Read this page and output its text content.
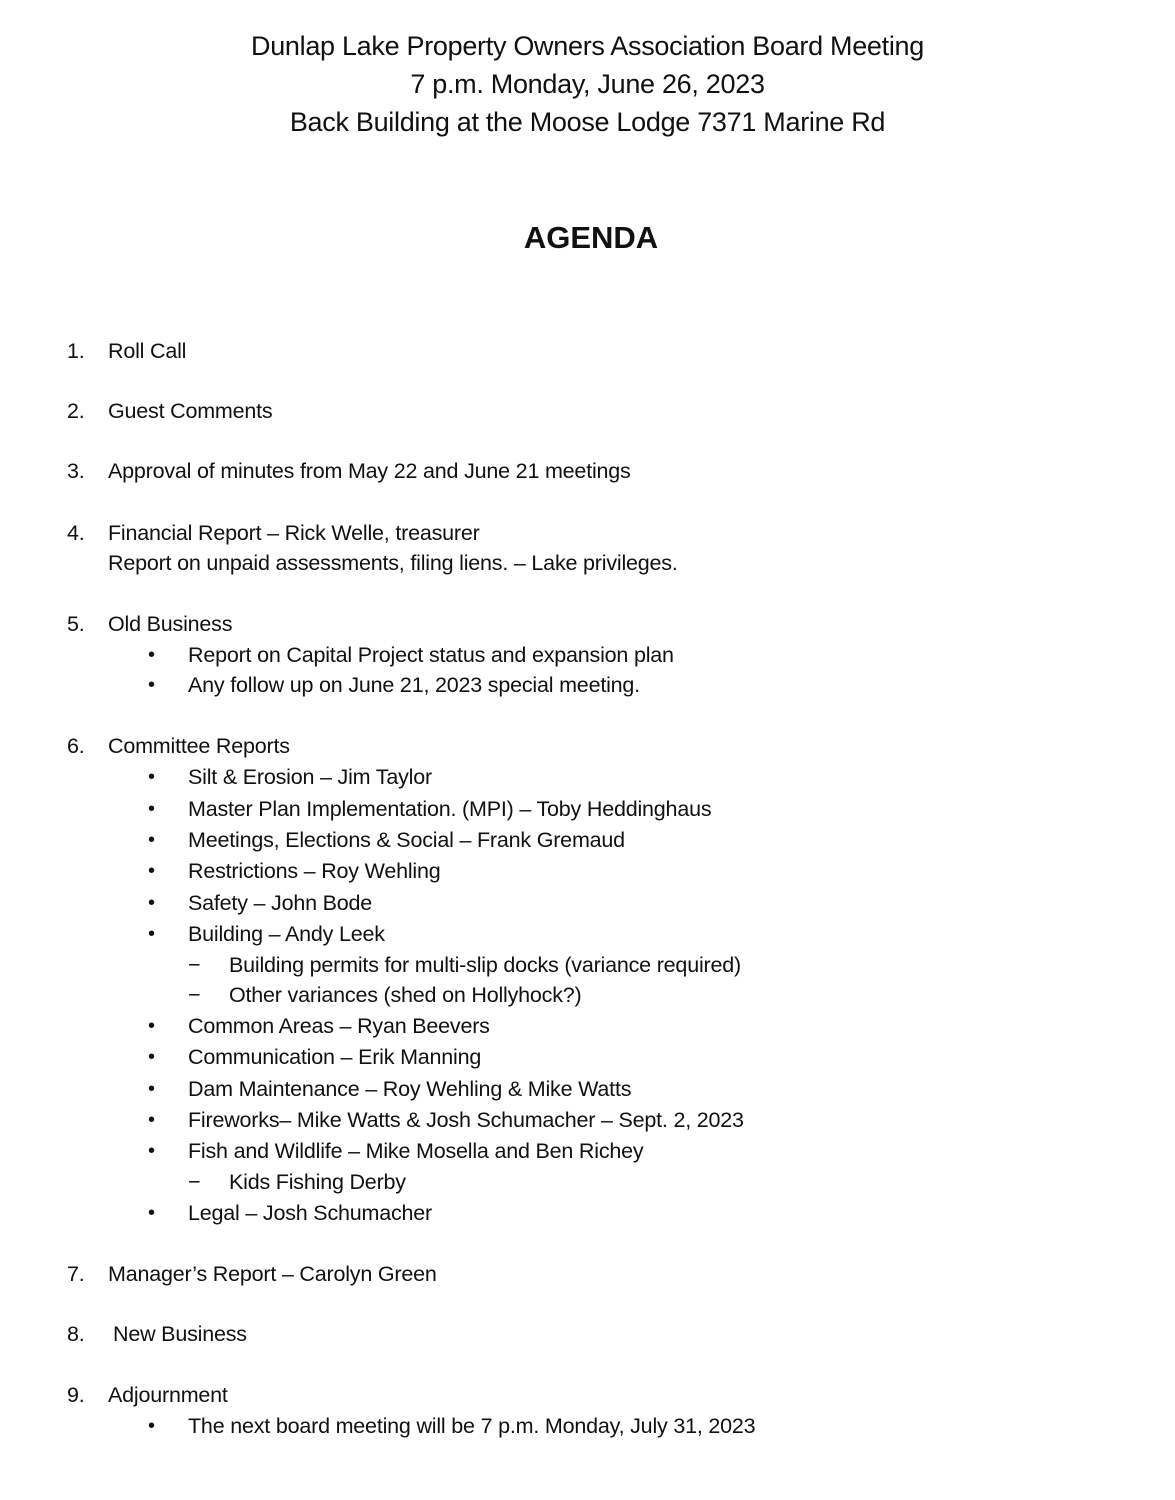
Dunlap Lake Property Owners Association Board Meeting
7 p.m. Monday, June 26, 2023
Back Building at the Moose Lodge 7371 Marine Rd
AGENDA
1. Roll Call
2. Guest Comments
3. Approval of minutes from May 22 and June 21 meetings
4. Financial Report – Rick Welle, treasurer
Report on unpaid assessments, filing liens. – Lake privileges.
5. Old Business
• Report on Capital Project status and expansion plan
• Any follow up on June 21, 2023 special meeting.
6. Committee Reports
• Silt & Erosion – Jim Taylor
• Master Plan Implementation. (MPI) – Toby Heddinghaus
• Meetings, Elections & Social – Frank Gremaud
• Restrictions – Roy Wehling
• Safety – John Bode
• Building – Andy Leek
− Building permits for multi-slip docks (variance required)
− Other variances (shed on Hollyhock?)
• Common Areas – Ryan Beevers
• Communication – Erik Manning
• Dam Maintenance – Roy Wehling & Mike Watts
• Fireworks– Mike Watts & Josh Schumacher – Sept. 2, 2023
• Fish and Wildlife – Mike Mosella and Ben Richey
− Kids Fishing Derby
• Legal – Josh Schumacher
7. Manager’s Report – Carolyn Green
8. New Business
9. Adjournment
• The next board meeting will be 7 p.m. Monday, July 31, 2023
